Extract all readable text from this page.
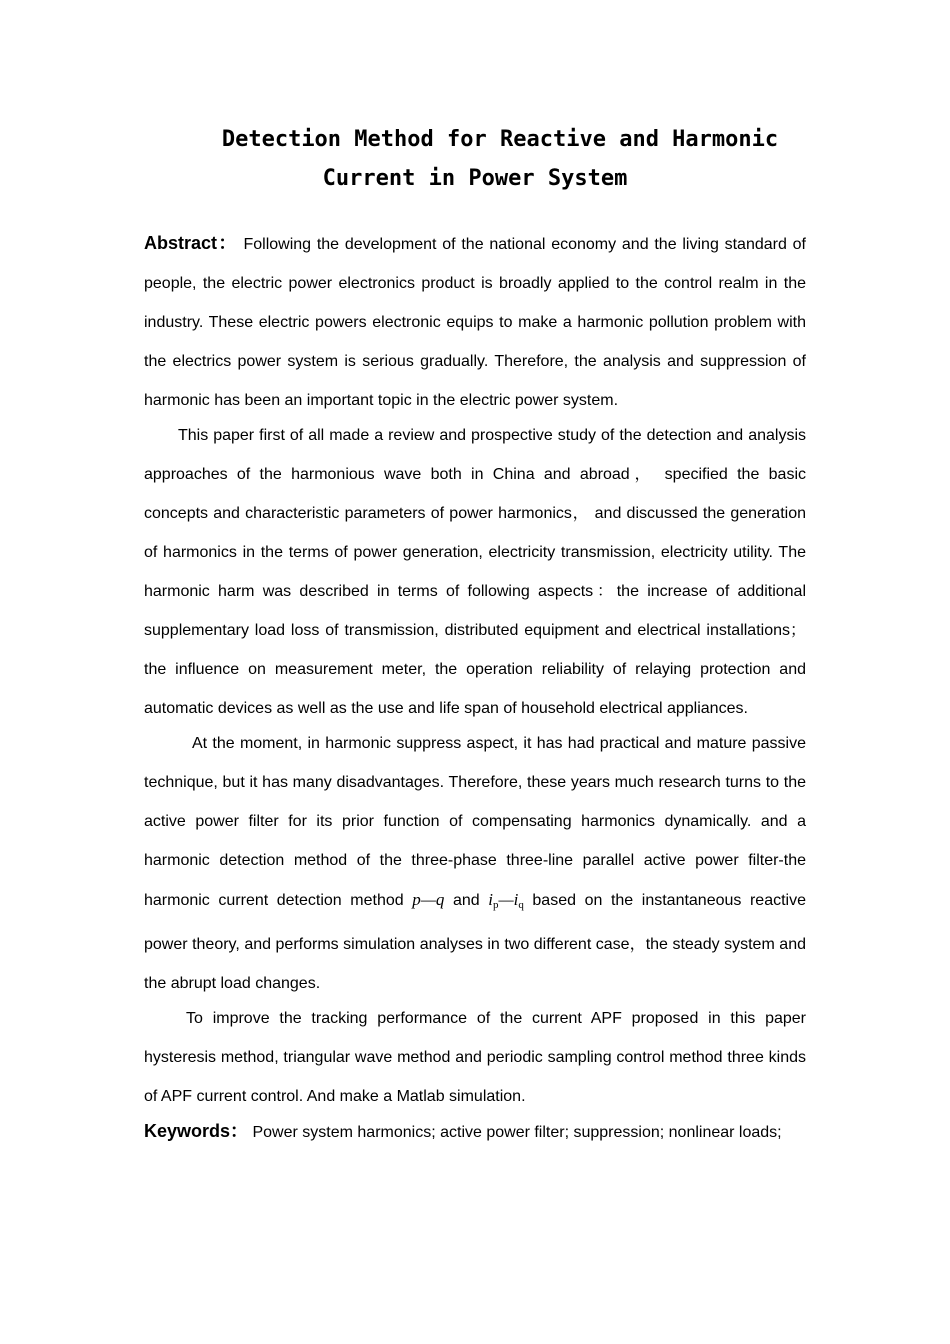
Detection Method for Reactive and Harmonic
Current in Power System

Abstract： Following the development of the national economy and the living standard of people, the electric power electronics product is broadly applied to the control realm in the industry. These electric powers electronic equips to make a harmonic pollution problem with the electrics power system is serious gradually. Therefore, the analysis and suppression of harmonic has been an important topic in the electric power system.

This paper first of all made a review and prospective study of the detection and analysis approaches of the harmonious wave both in China and abroad， specified the basic concepts and characteristic parameters of power harmonics， and discussed the generation of harmonics in the terms of power generation, electricity transmission, electricity utility. The harmonic harm was described in terms of following aspects：the increase of additional supplementary load loss of transmission, distributed equipment and electrical installations；the influence on measurement meter, the operation reliability of relaying protection and automatic devices as well as the use and life span of household electrical appliances.

At the moment, in harmonic suppress aspect, it has had practical and mature passive technique, but it has many disadvantages. Therefore, these years much research turns to the active power filter for its prior function of compensating harmonics dynamically. and a harmonic detection method of the three-phase three-line parallel active power filter-the harmonic current detection method p—q and $i_p—i_q$ based on the instantaneous reactive power theory, and performs simulation analyses in two different case，the steady system and the abrupt load changes.

To improve the tracking performance of the current APF proposed in this paper hysteresis method, triangular wave method and periodic sampling control method three kinds of APF current control. And make a Matlab simulation.

Keywords： Power system harmonics; active power filter; suppression; nonlinear loads;
